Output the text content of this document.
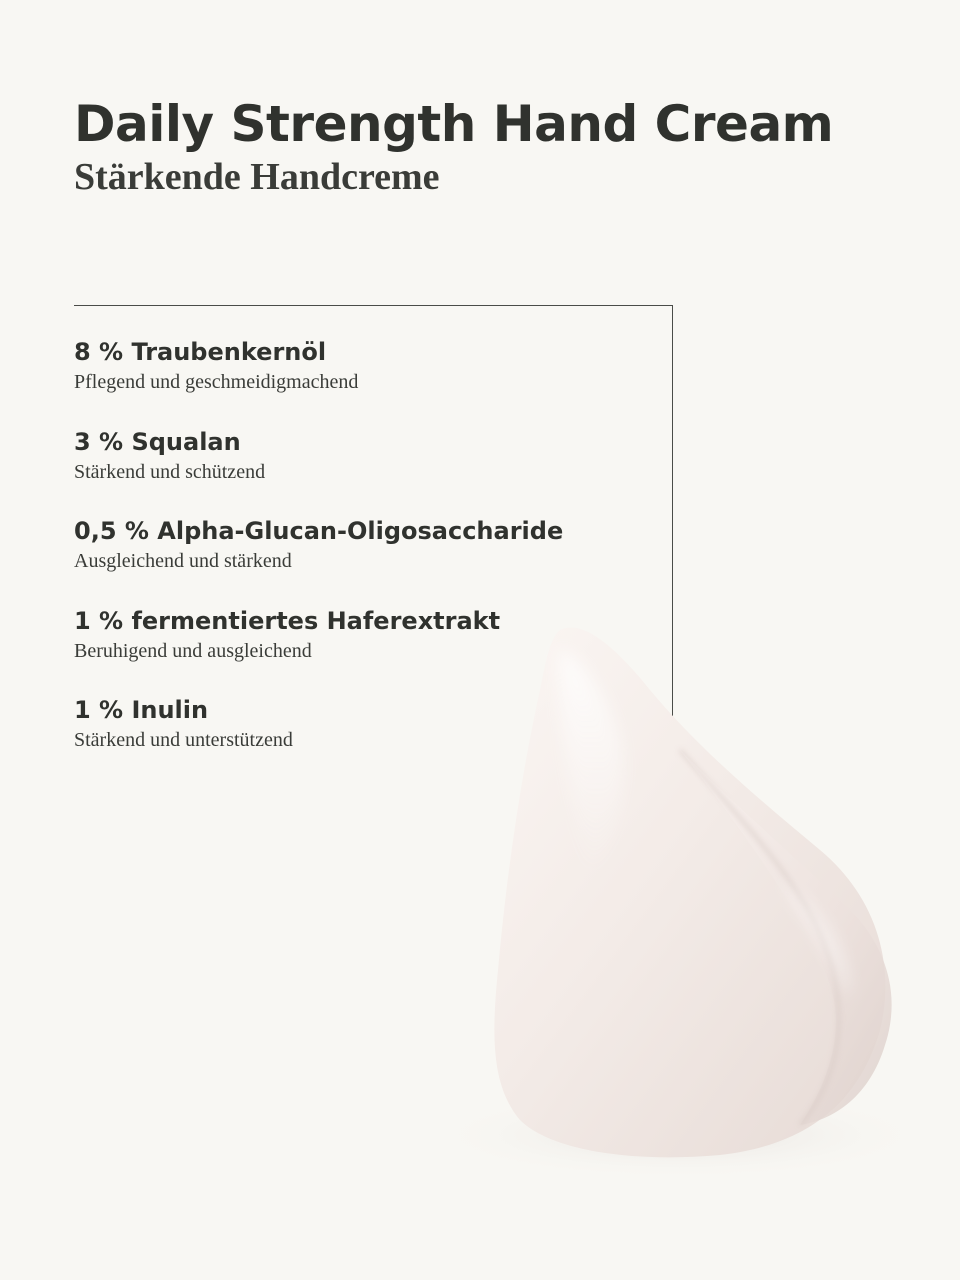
Daily Strength Hand Cream
Stärkende Handcreme
8 % Traubenkernöl
Pflegend und geschmeidigmachend
3 % Squalan
Stärkend und schützend
0,5 % Alpha-Glucan-Oligosaccharide
Ausgleichend und stärkend
1 % fermentiertes Haferextrakt
Beruhigend und ausgleichend
1 % Inulin
Stärkend und unterstützend
